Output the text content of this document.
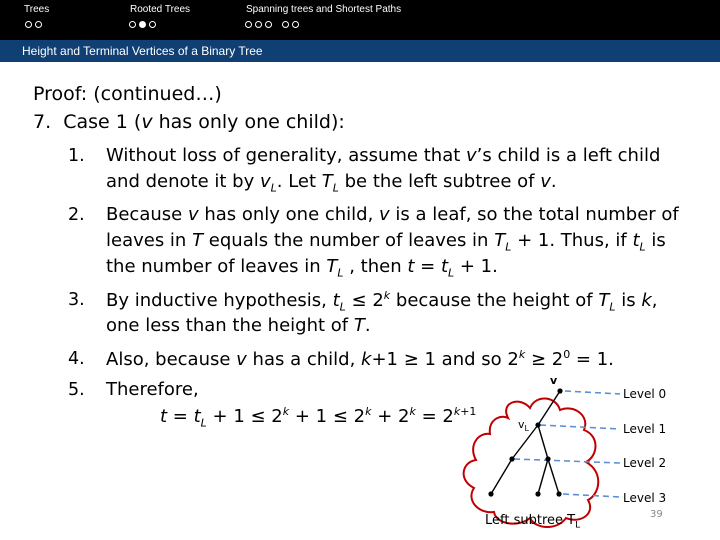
Trees	Rooted Trees	Spanning trees and Shortest Paths
Height and Terminal Vertices of a Binary Tree
Proof: (continued…)
7. Case 1 (v has only one child):
1. Without loss of generality, assume that v’s child is a left child
and denote it by $v_L$. Let $T_L$ be the left subtree of v.
2. Because v has only one child, v is a leaf, so the total number of
leaves in T equals the number of leaves in $T_L + 1$. Thus, if $t_L$ is
the number of leaves in $T_L$ , then $t = t_L + 1$.
3. By inductive hypothesis, $t_L \le 2^k$ because the height of $T_L$ is k,
one less than the height of T.
4. Also, because v has a child, k+1 ≥ 1 and so $2^k \ge 2^0 = 1$.
5. Therefore,
$t = t_L + 1 \le 2^k + 1 \le 2^k + 2^k = 2^{k+1}$
v
$v_L$
Level 0
Level 1
Level 2
Level 3
Left subtree $T_L$
39
